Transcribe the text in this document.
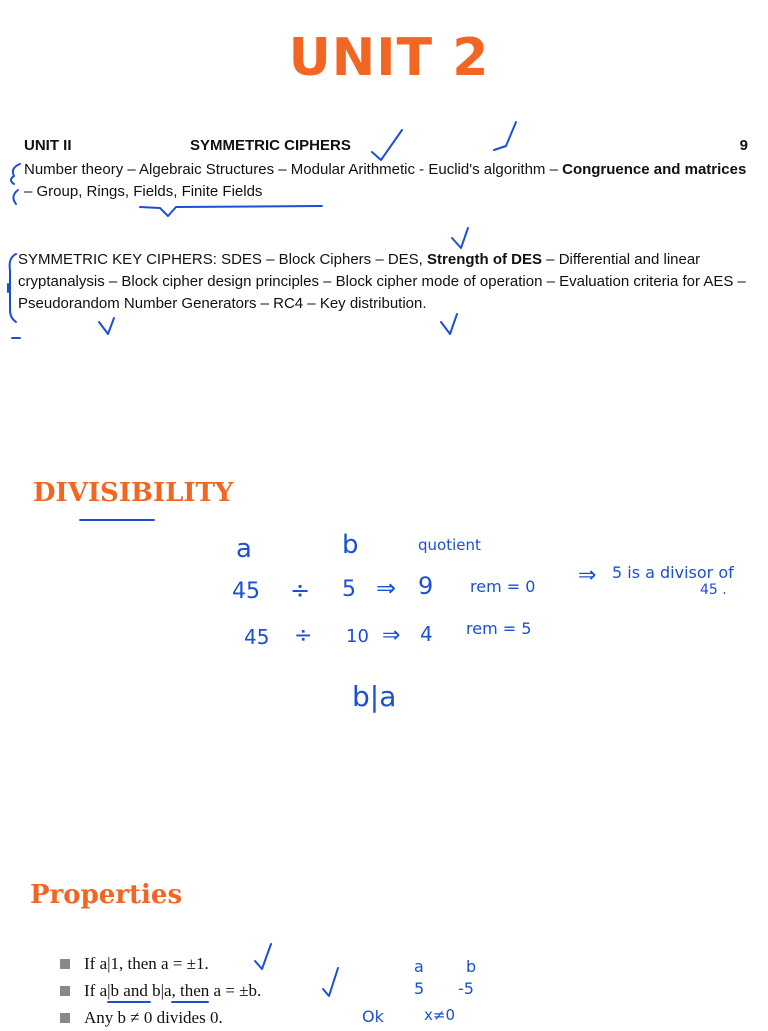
UNIT 2
UNIT II	SYMMETRIC CIPHERS	9
Number theory – Algebraic Structures – Modular Arithmetic - Euclid's algorithm – Congruence and matrices – Group, Rings, Fields, Finite Fields
SYMMETRIC KEY CIPHERS: SDES – Block Ciphers – DES, Strength of DES – Differential and linear cryptanalysis – Block cipher design principles – Block cipher mode of operation – Evaluation criteria for AES – Pseudorandom Number Generators – RC4 – Key distribution.
DIVISIBILITY
Properties
If a|1, then a = ±1.
If a|b and b|a, then a = ±b.
Any b ≠ 0 divides 0.
a	b	quotient
45 ÷ 5 ⇒ 9 rem = 0 ⇒ 5 is a divisor of
45 .
45 ÷ 10 ⇒ 4 rem = 5
b|a
a	b
5 -5
Ok	x≠0
